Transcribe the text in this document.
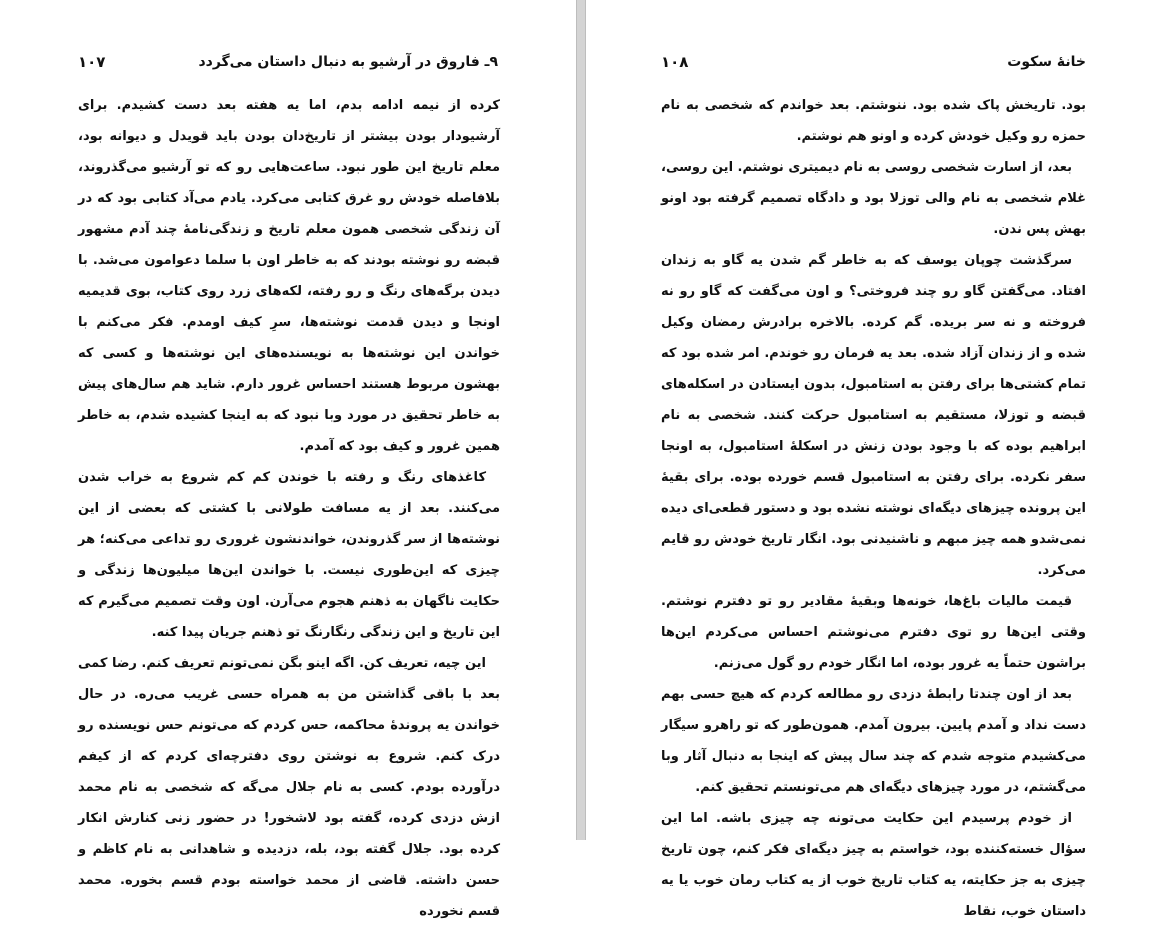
۹ـ فاروق در آرشیو به دنبال داستان می‌گردد
۱۰۷

کرده از نیمه ادامه بدم، اما یه هفته بعد دست کشیدم. برای آرشیودار بودن بیشتر از تاریخ‌دان بودن باید قویدل و دیوانه بود، معلم تاریخ این طور نبود. ساعت‌هایی رو که تو آرشیو می‌گذروند، بلافاصله خودش رو غرق کتابی می‌کرد. یادم می‌آد کتابی بود که در آن زندگی شخصی همون معلم تاریخ و زندگی‌نامهٔ چند آدم مشهور قبضه رو نوشته بودند که به خاطر اون با سلما دعوامون می‌شد. با دیدن برگه‌های رنگ و رو رفته، لکه‌های زرد روی کتاب، بوی قدیمیه اونجا و دیدن قدمت نوشته‌ها، سرِ کیف اومدم. فکر می‌کنم با خواندن این نوشته‌ها به نویسنده‌های این نوشته‌ها و کسی که بهشون مربوط هستند احساس غرور دارم. شاید هم سال‌های پیش به خاطر تحقیق در مورد وبا نبود که به اینجا کشیده شدم، به خاطر همین غرور و کیف بود که آمدم.

کاغذهای رنگ و رفته با خوندن کم کم شروع به خراب شدن می‌کنند. بعد از یه مسافت طولانی با کشتی که بعضی از این نوشته‌ها از سر گذروندن، خواندنشون غروری رو تداعی می‌کنه؛ هر چیزی که این‌طوری نیست. با خواندن این‌ها میلیون‌ها زندگی و حکایت ناگهان به ذهنم هجوم می‌آرن. اون وقت تصمیم می‌گیرم که این تاریخ و این زندگی رنگارنگ تو ذهنم جریان پیدا کنه.

این چیه، تعریف کن. اگه اینو بگن نمی‌تونم تعریف کنم. رضا کمی بعد با باقی گذاشتن من به همراه حسی غریب می‌ره. در حال خواندن یه پروندهٔ محاکمه، حس کردم که می‌تونم حس نویسنده رو درک کنم. شروع به نوشتن روی دفترچه‌ای کردم که از کیفم درآورده بودم. کسی به نام جلال می‌گه که شخصی به نام محمد ازش دزدی کرده، گفته بود لاشخور! در حضور زنی کنارش انکار کرده بود. جلال گفته بود، بله، دزدیده و شاهدانی به نام کاظم و حسن داشته. قاضی از محمد خواسته بودم قسم بخوره. محمد قسم نخورده

خانهٔ سکوت
۱۰۸

بود. تاریخش پاک شده بود. ننوشتم. بعد خواندم که شخصی به نام حمزه رو وکیل خودش کرده و اونو هم نوشتم.

بعد، از اسارت شخصی روسی به نام دیمیتری نوشتم. این روسی، غلام شخصی به نام والی توزلا بود و دادگاه تصمیم گرفته بود اونو بهش پس ندن.

سرگذشت چوپان یوسف که به خاطر گم شدن یه گاو به زندان افتاد. می‌گفتن گاو رو چند فروختی؟ و اون می‌گفت که گاو رو نه فروخته و نه سر بریده. گم کرده. بالاخره برادرش رمضان وکیل شده و از زندان آزاد شده. بعد یه فرمان رو خوندم. امر شده بود که تمام کشتی‌ها برای رفتن به استامبول، بدون ایستادن در اسکله‌های قبضه و توزلا، مستقیم به استامبول حرکت کنند. شخصی به نام ابراهیم بوده که با وجود بودن زنش در اسکلهٔ استامبول، به اونجا سفر نکرده. برای رفتن به استامبول قسم خورده بوده. برای بقیهٔ این پرونده چیزهای دیگه‌ای نوشته نشده بود و دستور قطعی‌ای دیده نمی‌شدو همه چیز مبهم و ناشنیدنی بود. انگار تاریخ خودش رو قایم می‌کرد.

قیمت مالیات باغ‌ها، خونه‌ها وبقیهٔ مقادیر رو تو دفترم نوشتم. وقتی این‌ها رو توی دفترم می‌نوشتم احساس می‌کردم این‌ها براشون حتماً یه غرور بوده، اما انگار خودم رو گول می‌زنم.

بعد از اون چندتا رابطهٔ دزدی رو مطالعه کردم که هیچ حسی بهم دست نداد و آمدم پایین. بیرون آمدم. همون‌طور که تو راهرو سیگار می‌کشیدم متوجه شدم که چند سال پیش که اینجا به دنبال آثار وبا می‌گشتم، در مورد چیزهای دیگه‌ای هم می‌تونستم تحقیق کنم.

از خودم پرسیدم این حکایت می‌تونه چه چیزی باشه. اما این سؤال خسته‌کننده بود، خواستم به چیز دیگه‌ای فکر کنم، چون تاریخ چیزی به جز حکایته، یه کتاب تاریخ خوب از یه کتاب رمان خوب یا یه داستان خوب، نقاط
